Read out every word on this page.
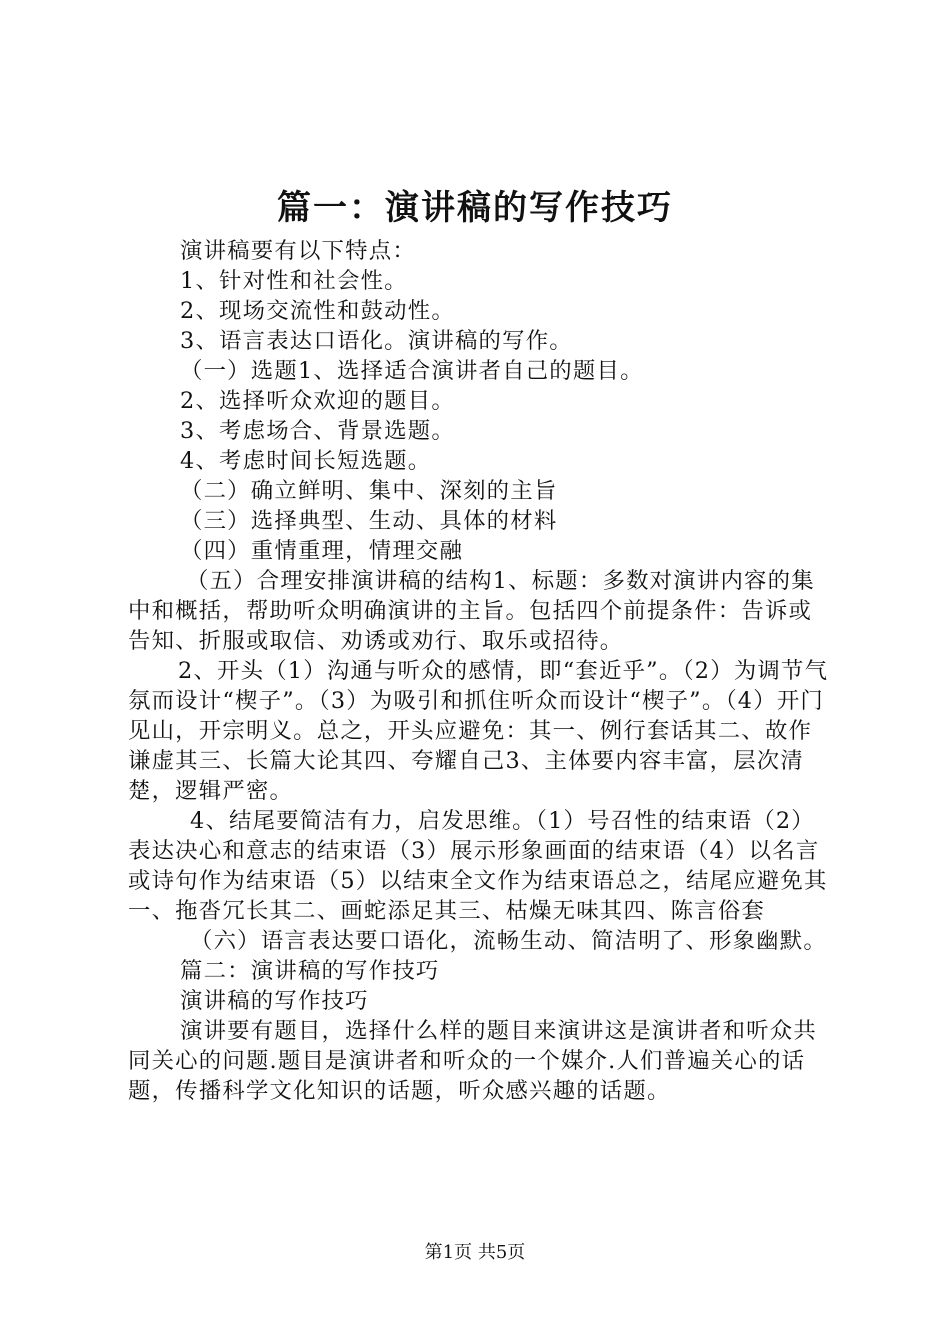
篇一：演讲稿的写作技巧

演讲稿要有以下特点：

1、针对性和社会性。

2、现场交流性和鼓动性。

3、语言表达口语化。演讲稿的写作。

（一）选题1、选择适合演讲者自己的题目。

2、选择听众欢迎的题目。

3、考虑场合、背景选题。

4、考虑时间长短选题。

（二）确立鲜明、集中、深刻的主旨

（三）选择典型、生动、具体的材料

（四）重情重理，情理交融

（五）合理安排演讲稿的结构1、标题：多数对演讲内容的集中和概括，帮助听众明确演讲的主旨。包括四个前提条件：告诉或告知、折服或取信、劝诱或劝行、取乐或招待。

2、开头（1）沟通与听众的感情，即“套近乎”。（2）为调节气氛而设计“楔子”。（3）为吸引和抓住听众而设计“楔子”。（4）开门见山，开宗明义。总之，开头应避免：其一、例行套话其二、故作谦虚其三、长篇大论其四、夸耀自己3、主体要内容丰富，层次清楚，逻辑严密。

4、结尾要简洁有力，启发思维。（1）号召性的结束语（2）表达决心和意志的结束语（3）展示形象画面的结束语（4）以名言或诗句作为结束语（5）以结束全文作为结束语总之，结尾应避免其一、拖沓冗长其二、画蛇添足其三、枯燥无味其四、陈言俗套

（六）语言表达要口语化，流畅生动、简洁明了、形象幽默。

篇二：演讲稿的写作技巧

演讲稿的写作技巧

演讲要有题目，选择什么样的题目来演讲这是演讲者和听众共同关心的问题.题目是演讲者和听众的一个媒介.人们普遍关心的话题，传播科学文化知识的话题，听众感兴趣的话题。

第1页 共5页
